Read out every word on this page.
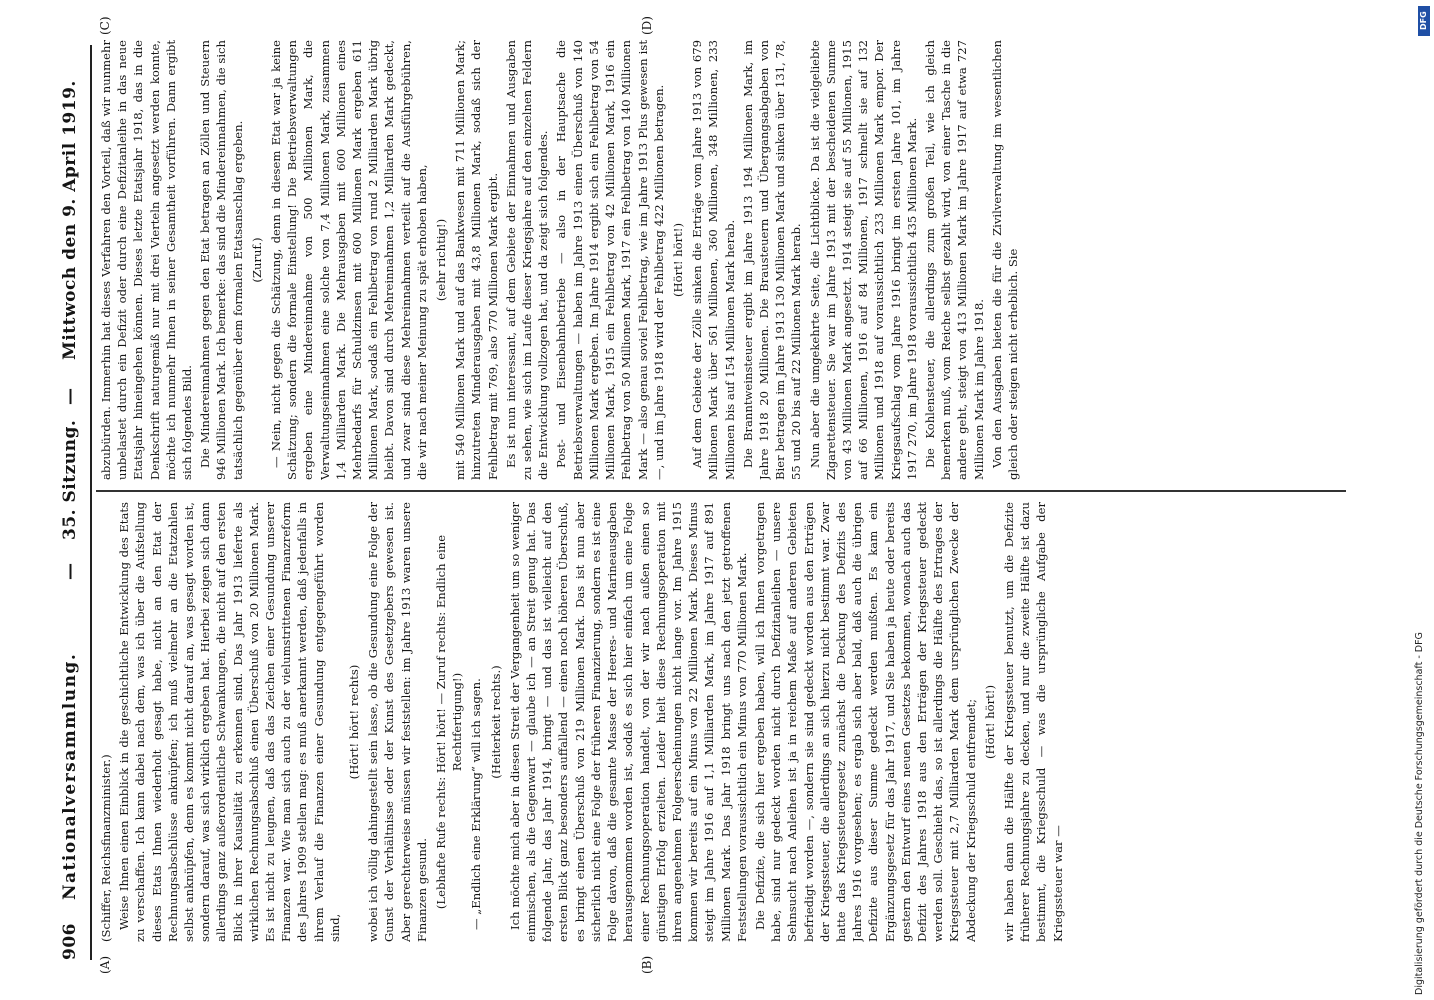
906
Nationalversammlung.
—
35. Sitzung.
—
Mittwoch den 9. April 1919.
(A)	(B)
(C)	(D)

(Schiffer, Reichsfinanzminister.) Weise Ihnen einen Einblick in die geschichtliche Entwicklung des Etats zu verschaffen. Ich kann dabei nach dem, was ich über die Aufstellung dieses Etats Ihnen wiederholt gesagt habe, nicht an den Etat der Rechnungsabschlüsse anknüpfen; ich muß vielmehr an die Etatzahlen selbst anknüpfen, denn es kommt nicht darauf an, was gesagt worden ist, sondern darauf, was sich wirklich ergeben hat. Hierbei zeigen sich dann allerdings ganz außerordentliche Schwankungen, die nicht auf den ersten Blick in ihrer Kausalität zu erkennen sind. Das Jahr 1913 lieferte als wirklichen Rechnungsabschluß einen Überschuß von 20 Millionen Mark. Es ist nicht zu leugnen, daß das das Zeichen einer Gesundung unserer Finanzen war. Wie man sich auch zu der vielumstrittenen Finanzreform des Jahres 1909 stellen mag: es muß anerkannt werden, daß jedenfalls in ihrem Verlauf die Finanzen einer Gesundung entgegengeführt worden sind,

(Hört! hört! rechts) wobei ich völlig dahingestellt sein lasse, ob die Gesundung eine Folge der Gunst der Verhältnisse oder der Kunst des Gesetzgebers gewesen ist. Aber gerechterweise müssen wir feststellen: im Jahre 1913 waren unsere Finanzen gesund. (Lebhafte Rufe rechts: Hört! hört! — Zuruf rechts: Endlich eine Rechtfertigung!) — „Endlich eine Erklärung“ will ich sagen. (Heiterkeit rechts.) Ich möchte mich aber in diesen Streit der Vergangenheit um so weniger einmischen, als die Gegenwart — glaube ich — an Streit genug hat. Das folgende Jahr, das Jahr 1914, bringt — und das ist vielleicht auf den ersten Blick ganz besonders auffallend — einen noch höheren Überschuß, es bringt einen Überschuß von 219 Millionen Mark. Das ist nun aber sicherlich nicht eine Folge der früheren Finanzierung, sondern es ist eine Folge davon, daß die gesamte Masse der Heeres- und Marineausgaben herausgenommen worden ist, sodaß es sich hier einfach um eine Folge einer Rechnungsoperation handelt, von der wir nach außen einen so günstigen Erfolg erzielten. Leider hielt diese Rechnungsoperation mit ihren angenehmen Folgeerscheinungen nicht lange vor. Im Jahre 1915 kommen wir bereits auf ein Minus von 22 Millionen Mark. Dieses Minus steigt im Jahre 1916 auf 1,1 Milliarden Mark, im Jahre 1917 auf 891 Millionen Mark. Das Jahr 1918 bringt uns nach den jetzt getroffenen Feststellungen voraussichtlich ein Minus von 770 Millionen Mark. Die Defizite, die sich hier ergeben haben, will ich Ihnen vorgetragen habe, sind nur gedeckt worden nicht durch Defizitanleihen — unsere Sehnsucht nach Anleihen ist ja in reichem Maße auf anderen Gebieten befriedigt worden —, sondern sie sind gedeckt worden aus den Erträgen der Kriegssteuer, die allerdings an sich hierzu nicht bestimmt war. Zwar hatte das Kriegssteuergesetz zunächst die Deckung des Defizits des Jahres 1916 vorgesehen; es ergab sich aber bald, daß auch die übrigen Defizite aus dieser Summe gedeckt werden mußten. Es kam ein Ergänzungsgesetz für das Jahr 1917, und Sie haben ja heute oder bereits gestern den Entwurf eines neuen Gesetzes bekommen, wonach auch das Defizit des Jahres 1918 aus den Erträgen der Kriegssteuer gedeckt werden soll. Geschieht das, so ist allerdings die Hälfte des Ertrages der Kriegssteuer mit 2,7 Milliarden Mark dem ursprünglichen Zwecke der Abdeckung der Kriegsschuld entfremdet; (Hört! hört!) wir haben dann die Hälfte der Kriegssteuer benutzt, um die Defizite früherer Rechnungsjahre zu decken, und nur die zweite Hälfte ist dazu bestimmt, die Kriegsschuld — was die ursprüngliche Aufgabe der Kriegssteuer war —

abzubürden. Immerhin hat dieses Verfahren den Vorteil, daß wir nunmehr unbelastet durch ein Defizit oder durch eine Defizitanleihe in das neue Etatsjahr hineingehen können. Dieses letzte Etatsjahr 1918, das in die Denkschrift naturgemäß nur mit drei Vierteln angesetzt werden konnte, möchte ich nunmehr Ihnen in seiner Gesamtheit vorführen. Dann ergibt sich folgendes Bild. Die Mindereinnahmen gegen den Etat betragen an Zöllen und Steuern 946 Millionen Mark. Ich bemerke: das sind die Mindereinnahmen, die sich tatsächlich gegenüber dem formalen Etatsanschlag ergeben. (Zuruf.) — Nein, nicht gegen die Schätzung, denn in diesem Etat war ja keine Schätzung; sondern die formale Einstellung! Die Betriebsverwaltungen ergeben eine Mindereinnahme von 500 Millionen Mark, die Verwaltungseinnahmen eine solche von 7,4 Millionen Mark, zusammen 1,4 Milliarden Mark. Die Mehrausgaben mit 600 Millionen eines Mehrbedarfs für Schuldzinsen mit 600 Millionen Mark ergeben 611 Millionen Mark, sodaß ein Fehlbetrag von rund 2 Milliarden Mark übrig bleibt. Davon sind durch Mehreinnahmen 1,2 Milliarden Mark gedeckt, und zwar sind diese Mehreinnahmen verteilt auf die Ausführgebühren, die wir nach meiner Meinung zu spät erhoben haben, (sehr richtig!) mit 540 Millionen Mark und auf das Bankwesen mit 711 Millionen Mark; hinzutreten Minderausgaben mit 43,8 Millionen Mark, sodaß sich der Fehlbetrag mit 769, also 770 Millionen Mark ergibt. Es ist nun interessant, auf dem Gebiete der Einnahmen und Ausgaben zu sehen, wie sich im Laufe dieser Kriegsjahre auf den einzelnen Feldern die Entwicklung vollzogen hat, und da zeigt sich folgendes. Post- und Eisenbahnbetriebe — also in der Hauptsache die Betriebsverwaltungen — haben im Jahre 1913 einen Überschuß von 140 Millionen Mark ergeben. Im Jahre 1914 ergibt sich ein Fehlbetrag von 54 Millionen Mark, 1915 ein Fehlbetrag von 42 Millionen Mark, 1916 ein Fehlbetrag von 50 Millionen Mark, 1917 ein Fehlbetrag von 140 Millionen Mark — also genau soviel Fehlbetrag, wie im Jahre 1913 Plus gewesen ist —, und im Jahre 1918 wird der Fehlbetrag 422 Millionen betragen. (Hört! hört!) Auf dem Gebiete der Zölle sinken die Erträge vom Jahre 1913 von 679 Millionen Mark über 561 Millionen, 360 Millionen, 348 Millionen, 233 Millionen bis auf 154 Millionen Mark herab. Die Branntweinsteuer ergibt im Jahre 1913 194 Millionen Mark, im Jahre 1918 20 Millionen. Die Brausteuern und Übergangsabgaben von Bier betragen im Jahre 1913 130 Millionen Mark und sinken über 131, 78, 55 und 20 bis auf 22 Millionen Mark herab. Nun aber die umgekehrte Seite, die Lichtblicke. Da ist die vielgeliebte Zigarettensteuer. Sie war im Jahre 1913 mit der bescheidenen Summe von 43 Millionen Mark angesetzt. 1914 steigt sie auf 55 Millionen, 1915 auf 66 Millionen, 1916 auf 84 Millionen, 1917 schnellt sie auf 132 Millionen und 1918 auf voraussichtlich 233 Millionen Mark empor. Der Kriegsaufschlag vom Jahre 1916 bringt im ersten Jahre 101, im Jahre 1917 270, im Jahre 1918 voraussichtlich 435 Millionen Mark. Die Kohlensteuer, die allerdings zum großen Teil, wie ich gleich bemerken muß, vom Reiche selbst gezahlt wird, von einer Tasche in die andere geht, steigt von 413 Millionen Mark im Jahre 1917 auf etwa 727 Millionen Mark im Jahre 1918. Von den Ausgaben bieten die für die Zivilverwaltung im wesentlichen gleich oder steigen nicht erheblich. Sie

DFG
Digitalisierung gefördert durch die Deutsche Forschungsgemeinschaft - DFG
